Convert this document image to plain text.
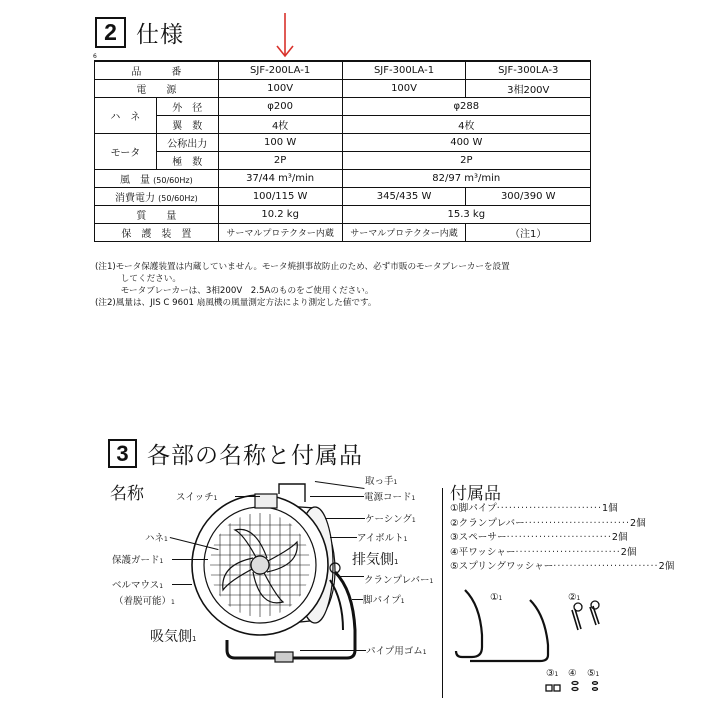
2 仕様
6
品　　　番		SJF-200LA-1	SJF-300LA-1	SJF-300LA-3
電　　源		100V	100V	3相200V
ハ　ネ	外　径	φ200	φ288	
	翼　数	4枚	4枚	
モータ	公称出力	100 W	400 W	
	極　数	2P	2P	
風　量 (50/60Hz)		37/44 m³/min	82/97 m³/min	
消費電力 (50/60Hz)		100/115 W	345/435 W	300/390 W
質　　量		10.2 kg	15.3 kg	
保　護　装　置		サーマルプロテクター内蔵	サーマルプロテクター内蔵	（注1）
(注1)モータ保護装置は内蔵していません。モータ焼損事故防止のため、必ず市販のモータブレーカーを設置
　　　してください。
　　　モータブレーカーは、3相200V　2.5Aのものをご使用ください。
(注2)風量は、JIS C 9601 扇風機の風量測定方法により測定した値です。
3 各部の名称と付属品
名称	付属品
取っ手1
スイッチ1	電源コード1
ケーシング1
ハネ1	アイボルト1
保護ガード1	排気側1
クランプレバー1
ベルマウス1
（着脱可能）1	脚パイプ1
吸気側1
パイプ用ゴム1
①脚パイプ ·························· 1個
②クランプレバー ·························· 2個
③スペーサー ·························· 2個
④平ワッシャー ·························· 2個
⑤スプリングワッシャー ·························· 2個
①1	②1
③1 ④ ⑤1
